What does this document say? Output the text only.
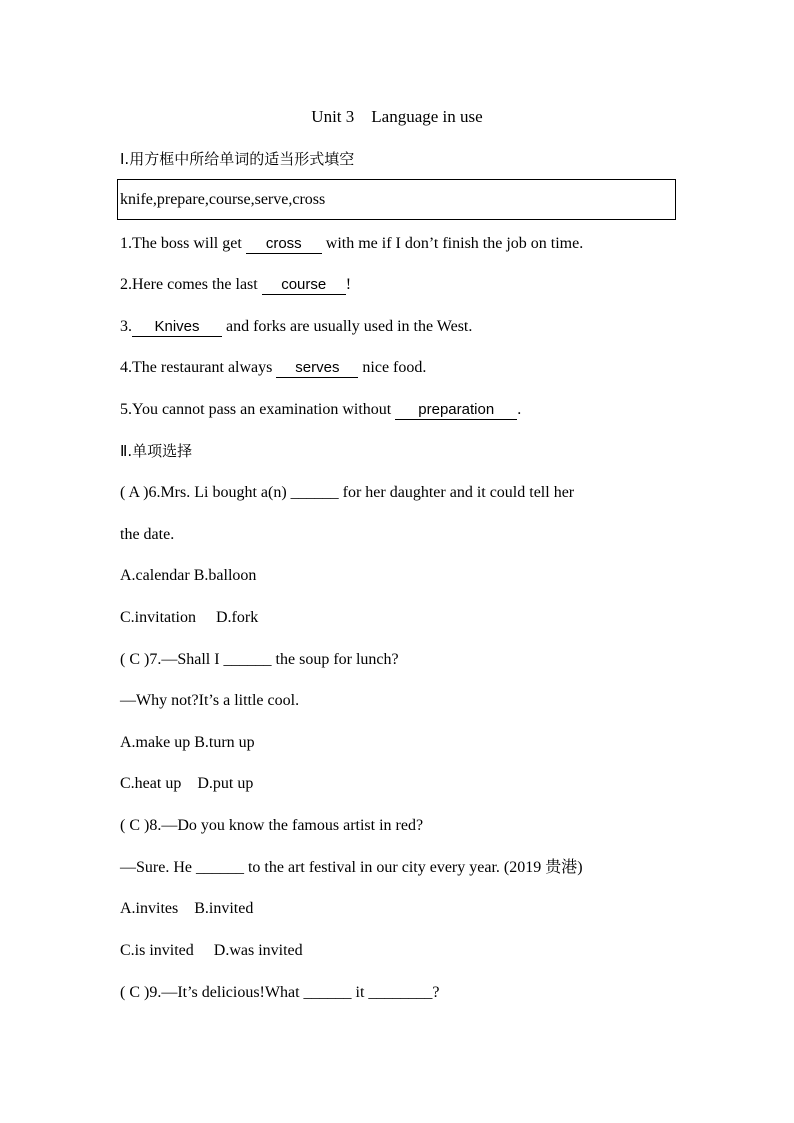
Unit 3    Language in use
Ⅰ.用方框中所给单词的适当形式填空
knife,prepare,course,serve,cross
1.The boss will get cross with me if I don’t finish the job on time.
2.Here comes the last course !
3. Knives and forks are usually used in the West.
4.The restaurant always serves nice food.
5.You cannot pass an examination without preparation .
Ⅱ.单项选择
( A )6.Mrs. Li bought a(n) ______ for her daughter and it could tell her
the date.
A.calendar B.balloon
C.invitation     D.fork
( C )7.—Shall I ______ the soup for lunch?
—Why not?It’s a little cool.
A.make up B.turn up
C.heat up    D.put up
( C )8.—Do you know the famous artist in red?
—Sure. He ______ to the art festival in our city every year. (2019 贵港)
A.invites    B.invited
C.is invited     D.was invited
( C )9.—It’s delicious!What ______ it ________?
